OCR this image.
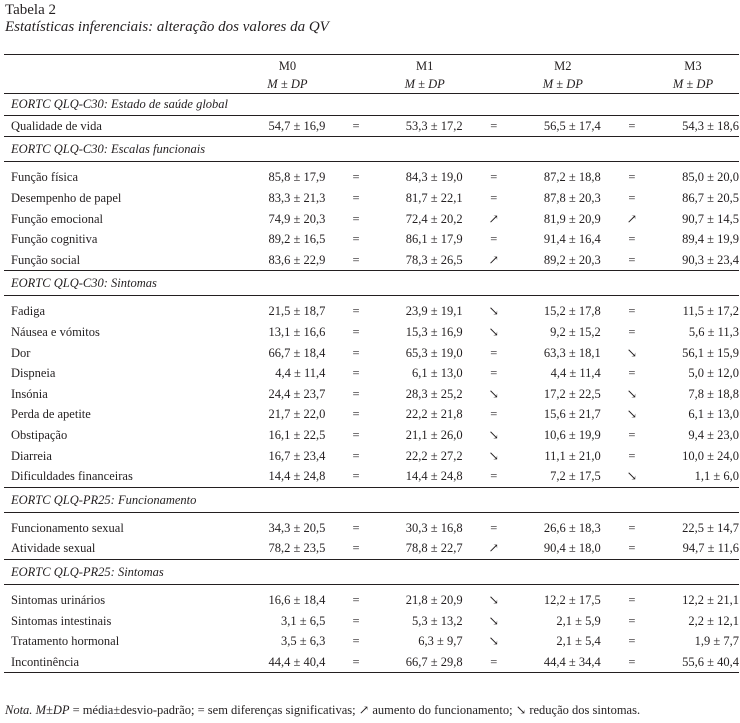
Tabela 2
Estatísticas inferenciais: alteração dos valores da QV
	M0		M1		M2		M3
	M ± DP		M ± DP		M ± DP		M ± DP
EORTC QLQ-C30: Estado de saúde global							
Qualidade de vida	54,7 ± 16,9	=	53,3 ± 17,2	=	56,5 ± 17,4	=	54,3 ± 18,6
EORTC QLQ-C30: Escalas funcionais							
Função física	85,8 ± 17,9	=	84,3 ± 19,0	=	87,2 ± 18,8	=	85,0 ± 20,0
Desempenho de papel	83,3 ± 21,3	=	81,7 ± 22,1	=	87,8 ± 20,3	=	86,7 ± 20,5
Função emocional	74,9 ± 20,3	=	72,4 ± 20,2	↗	81,9 ± 20,9	↗	90,7 ± 14,5
Função cognitiva	89,2 ± 16,5	=	86,1 ± 17,9	=	91,4 ± 16,4	=	89,4 ± 19,9
Função social	83,6 ± 22,9	=	78,3 ± 26,5	↗	89,2 ± 20,3	=	90,3 ± 23,4
EORTC QLQ-C30: Sintomas							
Fadiga	21,5 ± 18,7	=	23,9 ± 19,1	↘	15,2 ± 17,8	=	11,5 ± 17,2
Náusea e vómitos	13,1 ± 16,6	=	15,3 ± 16,9	↘	9,2 ± 15,2	=	5,6 ± 11,3
Dor	66,7 ± 18,4	=	65,3 ± 19,0	=	63,3 ± 18,1	↘	56,1 ± 15,9
Dispneia	4,4 ± 11,4	=	6,1 ± 13,0	=	4,4 ± 11,4	=	5,0 ± 12,0
Insónia	24,4 ± 23,7	=	28,3 ± 25,2	↘	17,2 ± 22,5	↘	7,8 ± 18,8
Perda de apetite	21,7 ± 22,0	=	22,2 ± 21,8	=	15,6 ± 21,7	↘	6,1 ± 13,0
Obstipação	16,1 ± 22,5	=	21,1 ± 26,0	↘	10,6 ± 19,9	=	9,4 ± 23,0
Diarreia	16,7 ± 23,4	=	22,2 ± 27,2	↘	11,1 ± 21,0	=	10,0 ± 24,0
Dificuldades financeiras	14,4 ± 24,8	=	14,4 ± 24,8	=	7,2 ± 17,5	↘	1,1 ± 6,0
EORTC QLQ-PR25: Funcionamento							
Funcionamento sexual	34,3 ± 20,5	=	30,3 ± 16,8	=	26,6 ± 18,3	=	22,5 ± 14,7
Atividade sexual	78,2 ± 23,5	=	78,8 ± 22,7	↗	90,4 ± 18,0	=	94,7 ± 11,6
EORTC QLQ-PR25: Sintomas							
Sintomas urinários	16,6 ± 18,4	=	21,8 ± 20,9	↘	12,2 ± 17,5	=	12,2 ± 21,1
Sintomas intestinais	3,1 ± 6,5	=	5,3 ± 13,2	↘	2,1 ± 5,9	=	2,2 ± 12,1
Tratamento hormonal	3,5 ± 6,3	=	6,3 ± 9,7	↘	2,1 ± 5,4	=	1,9 ± 7,7
Incontinência	44,4 ± 40,4	=	66,7 ± 29,8	=	44,4 ± 34,4	=	55,6 ± 40,4
Nota. M±DP = média±desvio-padrão; = sem diferenças significativas; ↗ aumento do funcionamento; ↘ redução dos sintomas.
